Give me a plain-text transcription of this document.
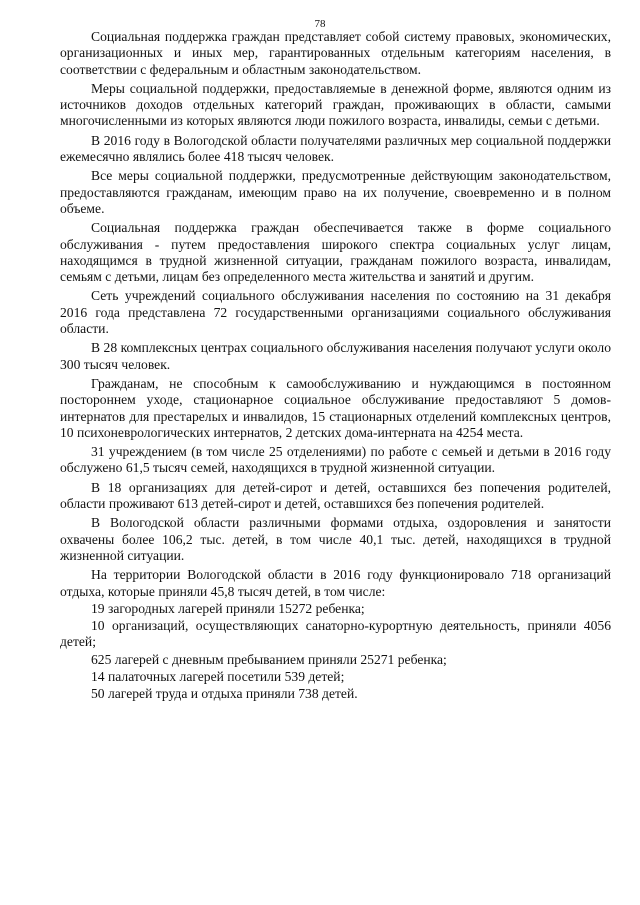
78

Социальная поддержка граждан представляет собой систему правовых, экономических, организационных и иных мер, гарантированных отдельным категориям населения, в соответствии с федеральным и областным законодательством.

Меры социальной поддержки, предоставляемые в денежной форме, являются одним из источников доходов отдельных категорий граждан, проживающих в области, самыми многочисленными из которых являются люди пожилого возраста, инвалиды, семьи с детьми.

В 2016 году в Вологодской области получателями различных мер социальной поддержки ежемесячно являлись более 418 тысяч человек.

Все меры социальной поддержки, предусмотренные действующим законодательством, предоставляются гражданам, имеющим право на их получение, своевременно и в полном объеме.

Социальная поддержка граждан обеспечивается также в форме социального обслуживания - путем предоставления широкого спектра социальных услуг лицам, находящимся в трудной жизненной ситуации, гражданам пожилого возраста, инвалидам, семьям с детьми, лицам без определенного места жительства и занятий и другим.

Сеть учреждений социального обслуживания населения по состоянию на 31 декабря 2016 года представлена 72 государственными организациями социального обслуживания области.

В 28 комплексных центрах социального обслуживания населения получают услуги около 300 тысяч человек.

Гражданам, не способным к самообслуживанию и нуждающимся в постоянном постороннем уходе, стационарное социальное обслуживание предоставляют 5 домов-интернатов для престарелых и инвалидов, 15 стационарных отделений комплексных центров, 10 психоневрологических интернатов, 2 детских дома-интерната на 4254 места.

31 учреждением (в том числе 25 отделениями) по работе с семьей и детьми в 2016 году обслужено 61,5 тысяч семей, находящихся в трудной жизненной ситуации.

В 18 организациях для детей-сирот и детей, оставшихся без попечения родителей, области проживают 613 детей-сирот и детей, оставшихся без попечения родителей.

В Вологодской области различными формами отдыха, оздоровления и занятости охвачены более 106,2 тыс. детей, в том числе 40,1 тыс. детей, находящихся в трудной жизненной ситуации.

На территории Вологодской области в 2016 году функционировало 718 организаций отдыха, которые приняли 45,8 тысяч детей, в том числе:

19 загородных лагерей приняли 15272 ребенка;

10 организаций, осуществляющих санаторно-курортную деятельность, приняли 4056 детей;

625 лагерей с дневным пребыванием приняли 25271 ребенка;

14 палаточных лагерей посетили 539 детей;

50 лагерей труда и отдыха приняли 738 детей.
